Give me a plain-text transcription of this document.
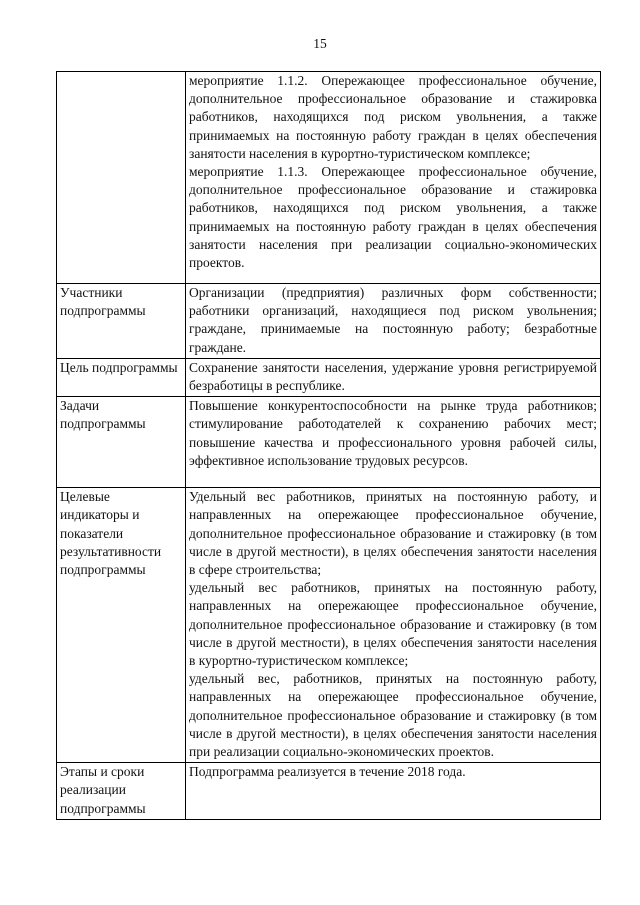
15

	мероприятие 1.1.2. Опережающее профессиональное обучение, дополнительное профессиональное образование и стажировка работников, находящихся под риском увольнения, а также принимаемых на постоянную работу граждан в целях обеспечения занятости населения в курортно-туристическом комплексе;

мероприятие 1.1.3. Опережающее профессиональное обучение, дополнительное профессиональное образование и стажировка работников, находящихся под риском увольнения, а также принимаемых на постоянную работу граждан в целях обеспечения занятости населения при реализации социально-экономических проектов.

Участники подпрограммы	Организации (предприятия) различных форм собственности; работники организаций, находящиеся под риском увольнения; граждане, принимаемые на постоянную работу; безработные граждане.

Цель подпрограммы	Сохранение занятости населения, удержание уровня регистрируемой безработицы в республике.

Задачи подпрограммы	Повышение конкурентоспособности на рынке труда работников; стимулирование работодателей к сохранению рабочих мест; повышение качества и профессионального уровня рабочей силы, эффективное использование трудовых ресурсов.

Целевые индикаторы и показатели результативности подпрограммы	Удельный вес работников, принятых на постоянную работу, и направленных на опережающее профессиональное обучение, дополнительное профессиональное образование и стажировку (в том числе в другой местности), в целях обеспечения занятости населения в сфере строительства;

удельный вес работников, принятых на постоянную работу, направленных на опережающее профессиональное обучение, дополнительное профессиональное образование и стажировку (в том числе в другой местности), в целях обеспечения занятости населения в курортно-туристическом комплексе;

удельный вес, работников, принятых на постоянную работу, направленных на опережающее профессиональное обучение, дополнительное профессиональное образование и стажировку (в том числе в другой местности), в целях обеспечения занятости населения при реализации социально-экономических проектов.

Этапы и сроки реализации подпрограммы	Подпрограмма реализуется в течение 2018 года.
